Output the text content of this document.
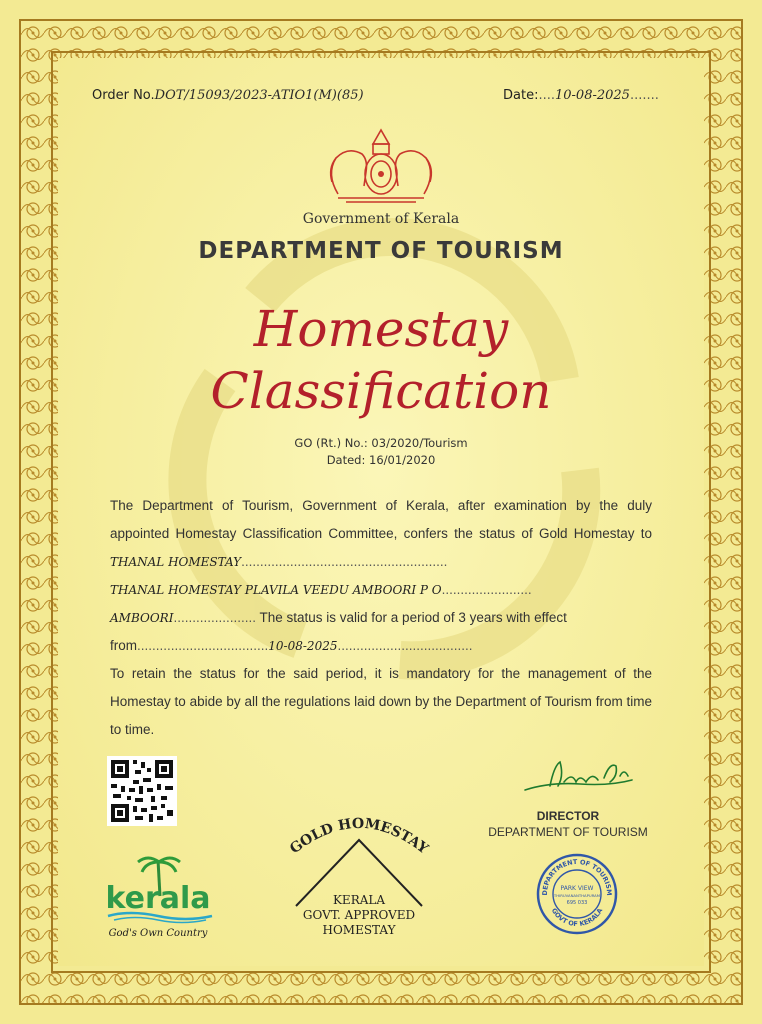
Order No.DOT/15093/2023-ATIO1(M)(85)	Date:....10-08-2025.......
Government of Kerala
DEPARTMENT OF TOURISM
Homestay
Classification
GO (Rt.) No.: 03/2020/Tourism
Dated: 16/01/2020
The Department of Tourism, Government of Kerala, after examination by the duly appointed Homestay Classification Committee, confers the status of Gold Homestay to THANAL HOMESTAY.......................................................
THANAL HOMESTAY PLAVILA VEEDU AMBOORI P O........................
AMBOORI...................... The status is valid for a period of 3 years with effect
from...................................10-08-2025....................................
To retain the status for the said period, it is mandatory for the management of the Homestay to abide by all the regulations laid down by the Department of Tourism from time to time.
DIRECTOR
DEPARTMENT OF TOURISM
GOLD HOMESTAY
KERALA
GOVT. APPROVED
HOMESTAY
kerala
God's Own Country
DEPARTMENT OF TOURISM
GOVT OF KERALA
PARK VIEW
THIRUVANANTHAPURAM
695 033
